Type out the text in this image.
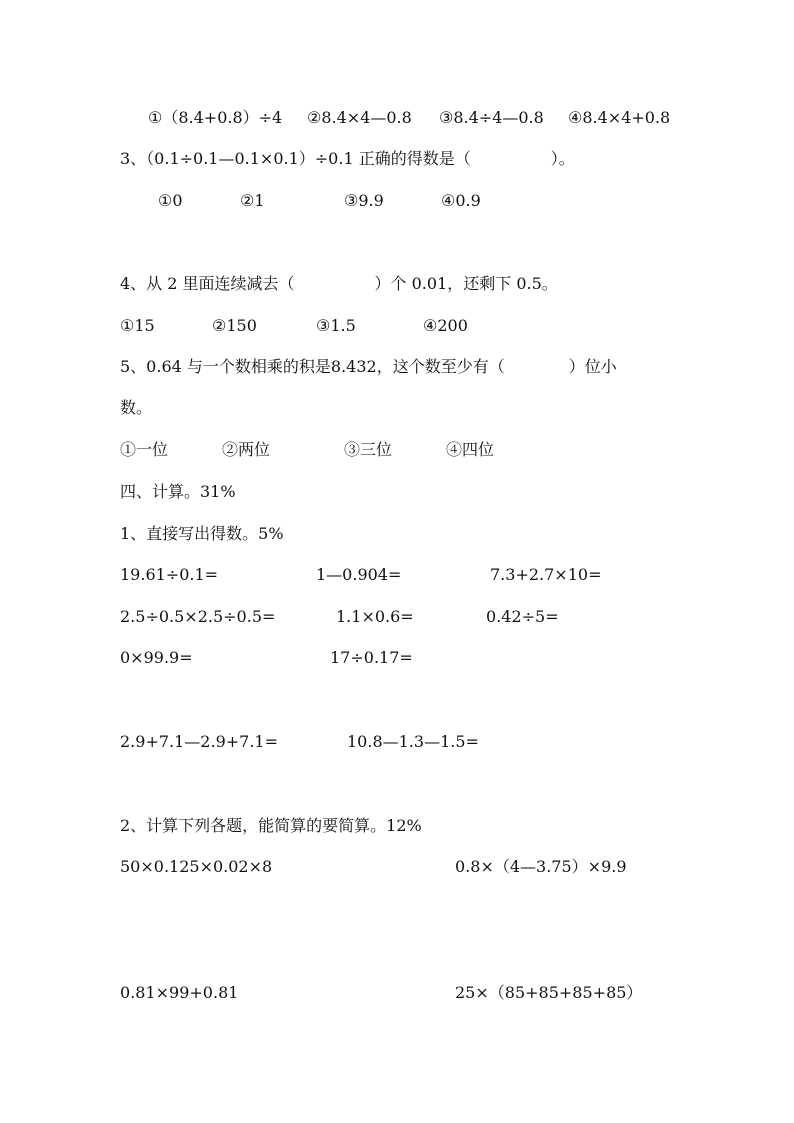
①（8.4+0.8）÷4 ②8.4×4—0.8 ③8.4÷4—0.8 ④8.4×4+0.8
3、（0.1÷0.1—0.1×0.1）÷0.1 正确的得数是（　　　　　）。
①0	②1	③9.9	④0.9
4、从 2 里面连续减去（　　　　　）个 0.01，还剩下 0.5。
①15	②150	③1.5	④200
5、0.64 与一个数相乘的积是8.432，这个数至少有（　　　　）位小
数。
①一位	②两位	③三位	④四位
四、计算。31%
1、直接写出得数。5%
19.61÷0.1=	1—0.904=	7.3+2.7×10=
2.5÷0.5×2.5÷0.5=	1.1×0.6=	0.42÷5=
0×99.9=	17÷0.17=
2.9+7.1—2.9+7.1=	10.8—1.3—1.5=
2、计算下列各题，能简算的要简算。12%
50×0.125×0.02×8	0.8×（4—3.75）×9.9
0.81×99+0.81	25×（85+85+85+85）
